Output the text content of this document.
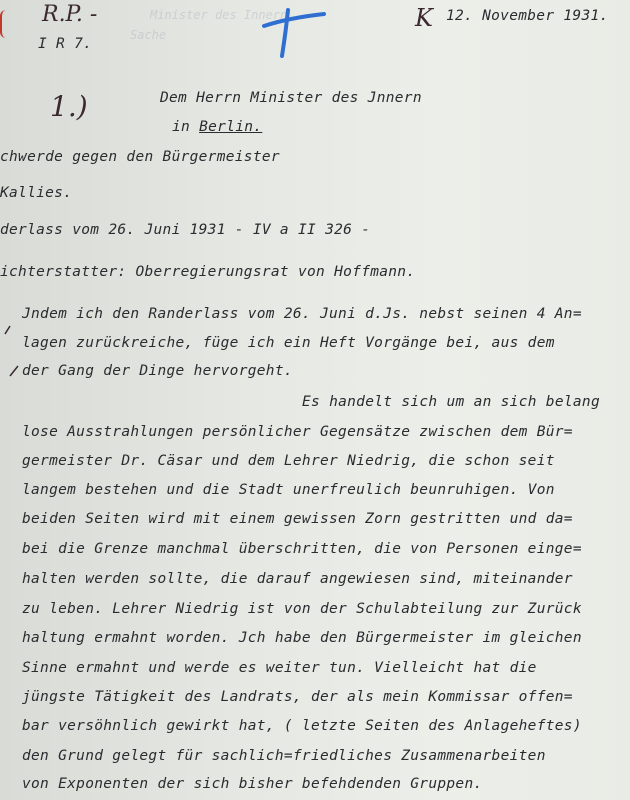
Minister des Innern
Sache
R.P. -
I R 7.
K 12. November 1931.
1.)	Dem Herrn Minister des Jnnern
in Berlin.
chwerde gegen den Bürgermeister
Kallies.
derlass vom 26. Juni 1931 - IV a II 326 -
ichterstatter: Oberregierungsrat von Hoffmann.
Jndem ich den Randerlass vom 26. Juni d.Js. nebst seinen 4 An=
lagen zurückreiche, füge ich ein Heft Vorgänge bei, aus dem
der Gang der Dinge hervorgeht.
Es handelt sich um an sich belang
lose Ausstrahlungen persönlicher Gegensätze zwischen dem Bür=
germeister Dr. Cäsar und dem Lehrer Niedrig, die schon seit
langem bestehen und die Stadt unerfreulich beunruhigen. Von
beiden Seiten wird mit einem gewissen Zorn gestritten und da=
bei die Grenze manchmal überschritten, die von Personen einge=
halten werden sollte, die darauf angewiesen sind, miteinander
zu leben. Lehrer Niedrig ist von der Schulabteilung zur Zurück
haltung ermahnt worden. Jch habe den Bürgermeister im gleichen
Sinne ermahnt und werde es weiter tun. Vielleicht hat die
jüngste Tätigkeit des Landrats, der als mein Kommissar offen=
bar versöhnlich gewirkt hat, ( letzte Seiten des Anlageheftes)
den Grund gelegt für sachlich=friedliches Zusammenarbeiten
von Exponenten der sich bisher befehdenden Gruppen.
